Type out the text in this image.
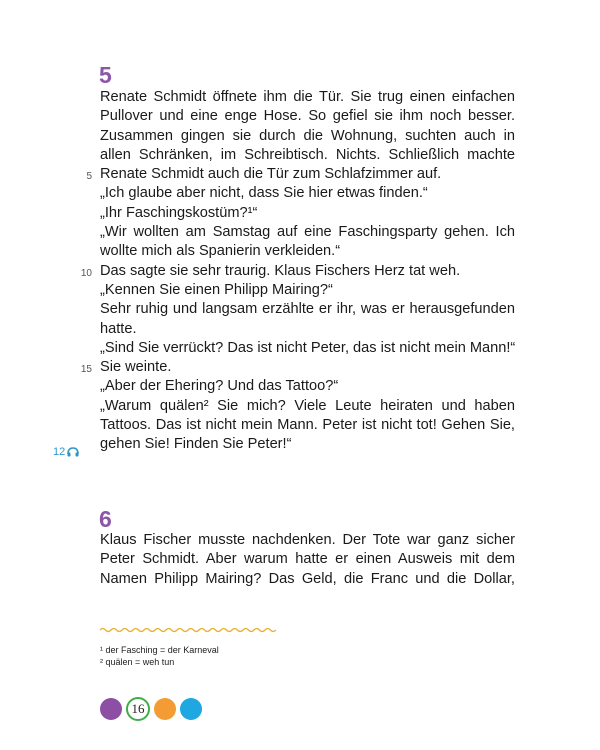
5
Renate Schmidt öffnete ihm die Tür. Sie trug einen einfachen
Pullover und eine enge Hose. So gefiel sie ihm noch besser.
Zusammen gingen sie durch die Wohnung, suchten auch in
allen Schränken, im Schreibtisch. Nichts. Schließlich machte
Renate Schmidt auch die Tür zum Schlafzimmer auf.
„Ich glaube aber nicht, dass Sie hier etwas finden.“
„Ihr Faschingskostüm?¹“
„Wir wollten am Samstag auf eine Faschingsparty gehen. Ich
wollte mich als Spanierin verkleiden.“
Das sagte sie sehr traurig. Klaus Fischers Herz tat weh.
„Kennen Sie einen Philipp Mairing?“
Sehr ruhig und langsam erzählte er ihr, was er herausgefunden
hatte.
„Sind Sie verrückt? Das ist nicht Peter, das ist nicht mein Mann!“
Sie weinte.
„Aber der Ehering? Und das Tattoo?“
„Warum quälen² Sie mich? Viele Leute heiraten und haben
Tattoos. Das ist nicht mein Mann. Peter ist nicht tot! Gehen Sie,
gehen Sie! Finden Sie Peter!“
5
10
15
12
6
Klaus Fischer musste nachdenken. Der Tote war ganz sicher
Peter Schmidt. Aber warum hatte er einen Ausweis mit dem
Namen Philipp Mairing? Das Geld, die Franc und die Dollar,
¹ der Fasching = der Karneval
² quälen = weh tun
16
